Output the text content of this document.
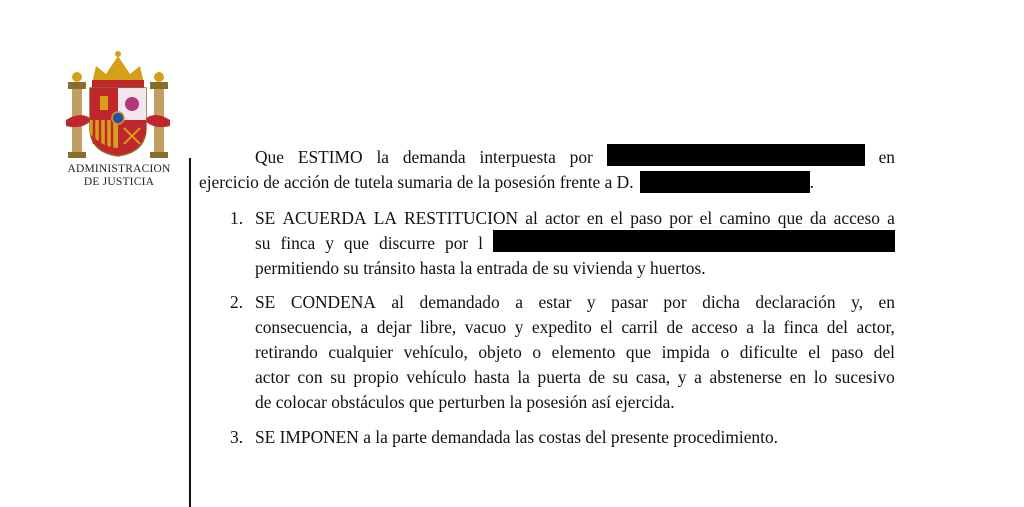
ADMINISTRACION
DE JUSTICIA
Que ESTIMO la demanda interpuesta por	en
ejercicio de acción de tutela sumaria de la posesión frente a D.	.
1. SE ACUERDA LA RESTITUCION al actor en el paso por el camino que da acceso a
su finca y que discurre por l
permitiendo su tránsito hasta la entrada de su vivienda y huertos.
2. SE CONDENA al demandado a estar y pasar por dicha declaración y, en
consecuencia, a dejar libre, vacuo y expedito el carril de acceso a la finca del actor,
retirando cualquier vehículo, objeto o elemento que impida o dificulte el paso del
actor con su propio vehículo hasta la puerta de su casa, y a abstenerse en lo sucesivo
de colocar obstáculos que perturben la posesión así ejercida.
3. SE IMPONEN a la parte demandada las costas del presente procedimiento.
